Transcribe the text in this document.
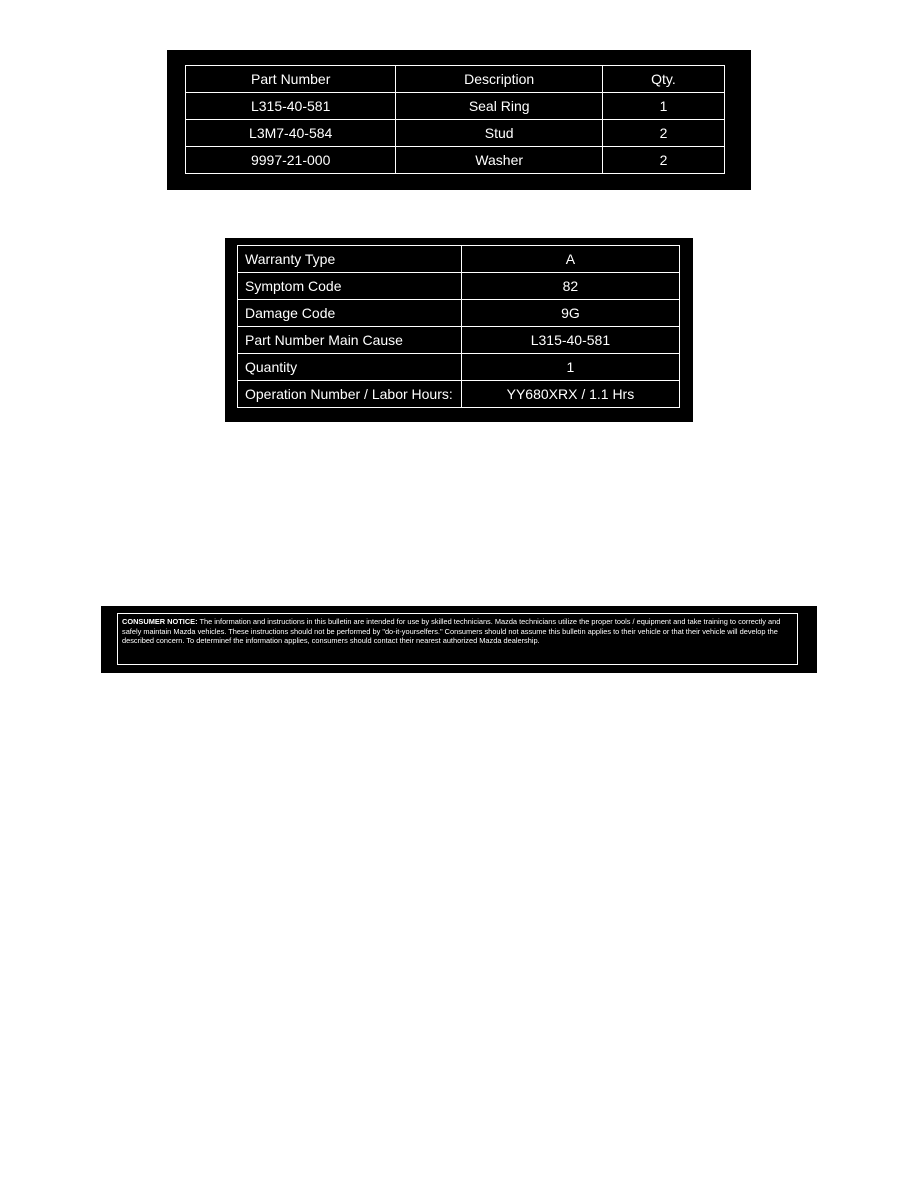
Part Number	Description	Qty.
L315-40-581	Seal Ring	1
L3M7-40-584	Stud	2
9997-21-000	Washer	2
Warranty Type	A
Symptom Code	82
Damage Code	9G
Part Number Main Cause	L315-40-581
Quantity	1
Operation Number / Labor Hours:	YY680XRX / 1.1 Hrs
CONSUMER NOTICE: The information and instructions in this bulletin are intended for use by skilled technicians. Mazda technicians utilize the proper tools / equipment and take training to correctly and safely maintain Mazda vehicles. These instructions should not be performed by "do-it-yourselfers." Consumers should not assume this bulletin applies to their vehicle or that their vehicle will develop the described concern. To determinef the information applies, consumers should contact their nearest authorized Mazda dealership.
